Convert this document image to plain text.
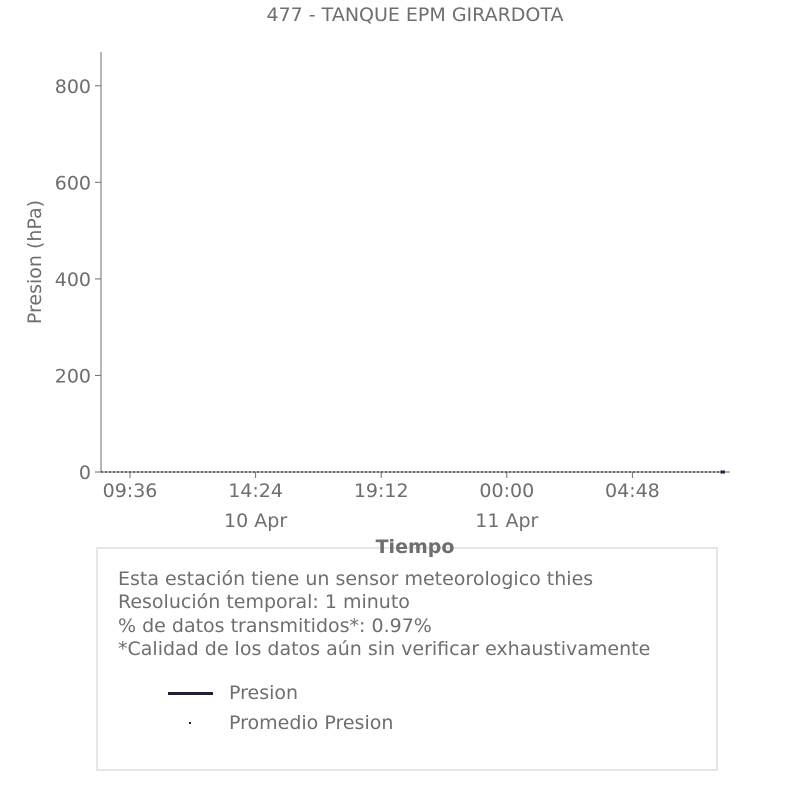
477 - TANQUE EPM GIRARDOTA
0
200
400
600
800
09:36	14:24
10 Apr
19:12	00:00
11 Apr
04:48
Presion (hPa)
Esta estación tiene un sensor meteorologico thies
Resolución temporal: 1 minuto
% de datos transmitidos*: 0.97%
*Calidad de los datos aún sin verificar exhaustivamente
Presion
Promedio Presion
Tiempo
